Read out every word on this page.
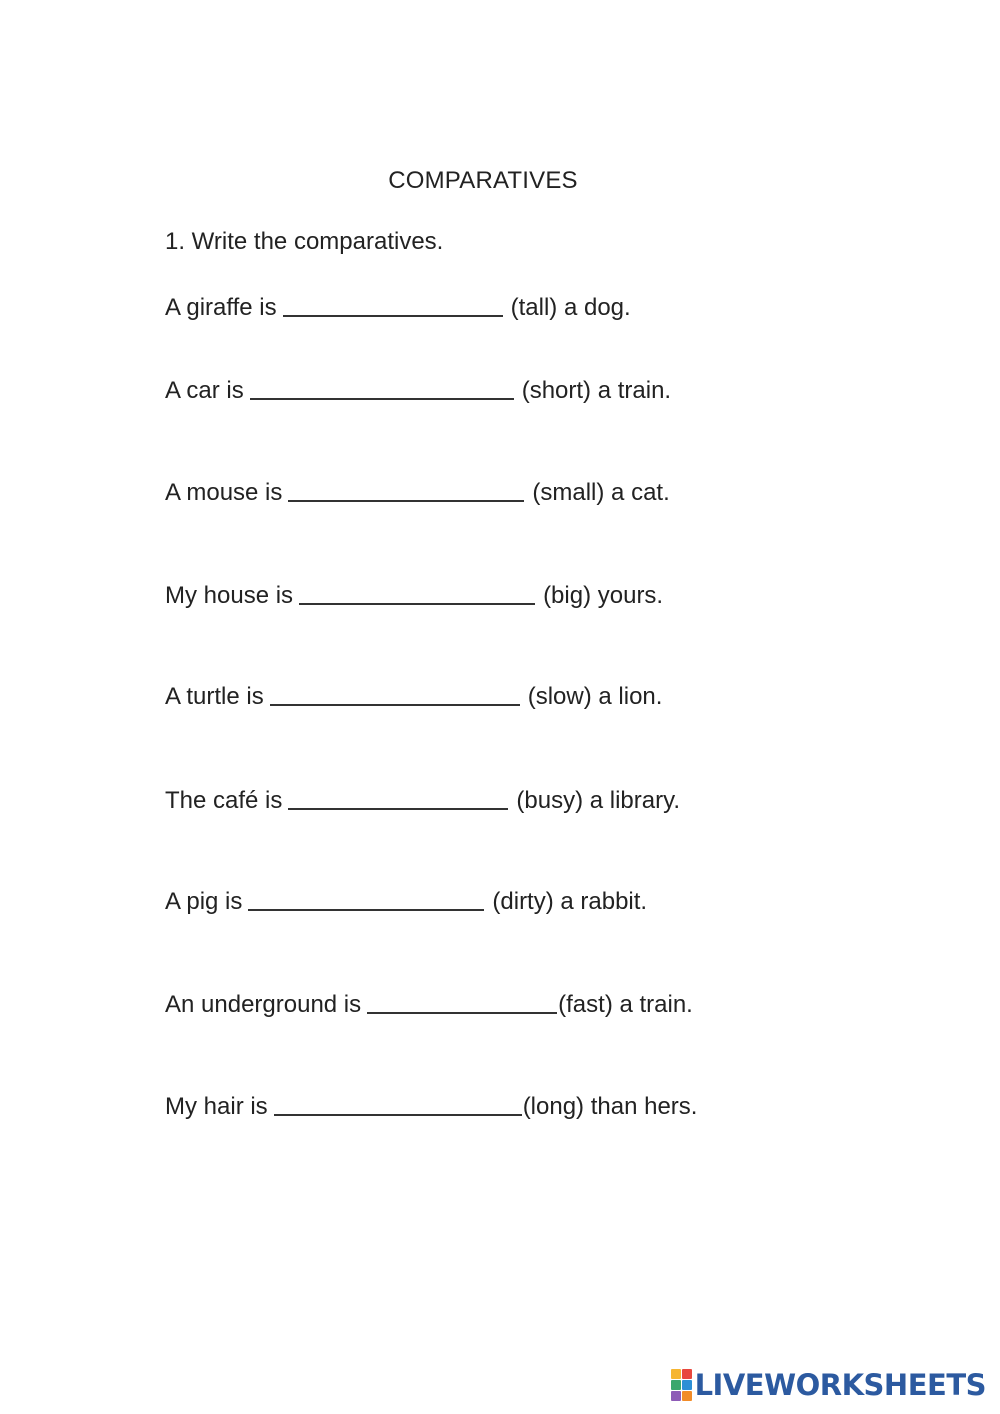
COMPARATIVES
1. Write the comparatives.
A giraffe is	(tall) a dog.
A car is	(short) a train.
A mouse is	(small) a cat.
My house is	(big) yours.
A turtle is	(slow) a lion.
The café is	(busy) a library.
A pig is	(dirty) a rabbit.
An underground is	(fast) a train.
My hair is	(long) than hers.
LIVEWORKSHEETS
